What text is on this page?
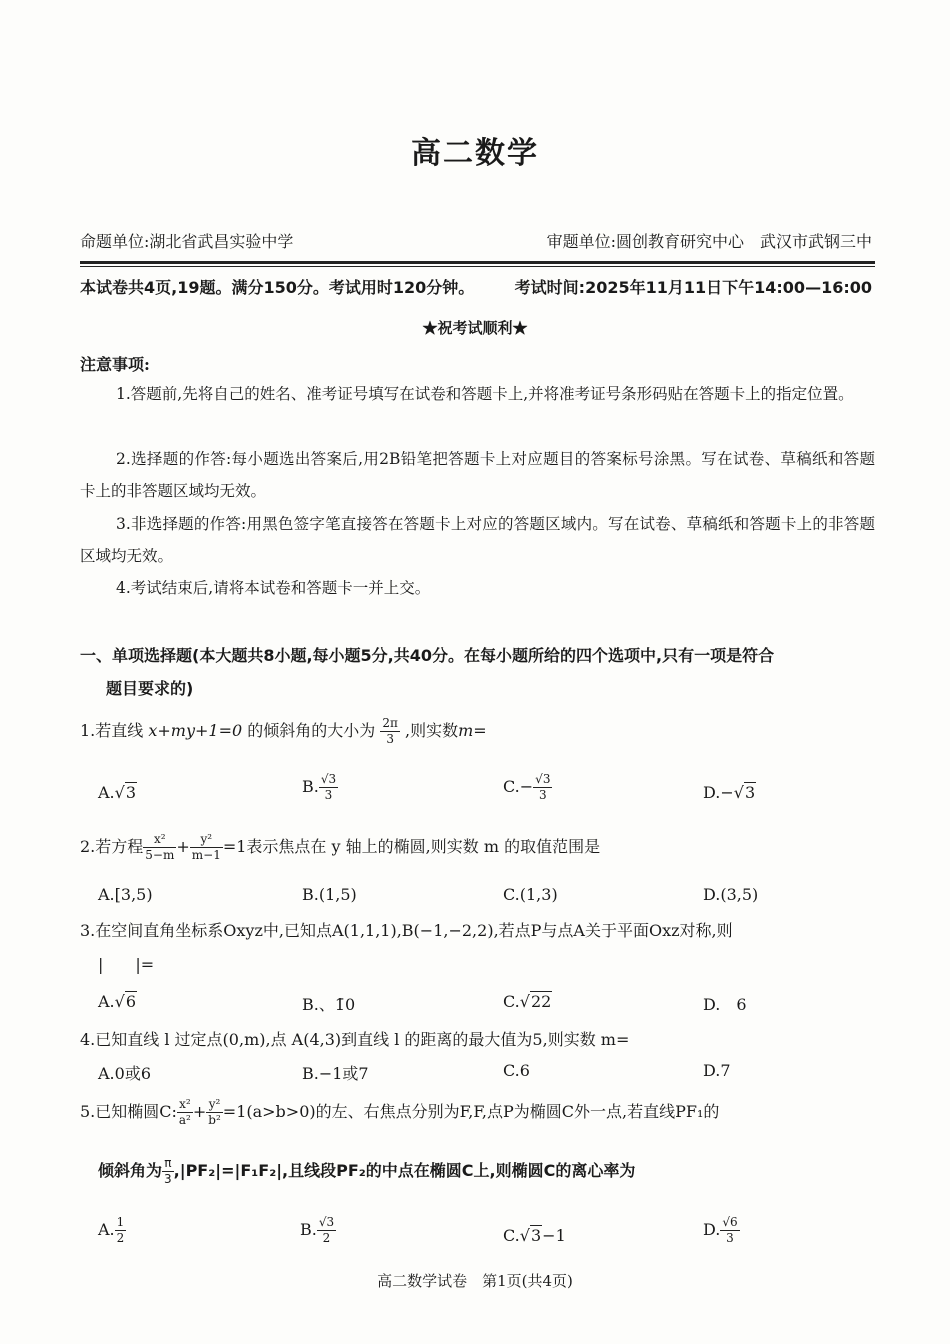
高二数学
命题单位:湖北省武昌实验中学	审题单位:圆创教育研究中心　武汉市武钢三中
本试卷共4页,19题。满分150分。考试用时120分钟。	考试时间:2025年11月11日下午14:00—16:00
★祝考试顺利★
注意事项:
1.答题前,先将自己的姓名、准考证号填写在试卷和答题卡上,并将准考证号条形码贴在答题卡上的指定位置。
2.选择题的作答:每小题选出答案后,用2B铅笔把答题卡上对应题目的答案标号涂黑。写在试卷、草稿纸和答题卡上的非答题区域均无效。
3.非选择题的作答:用黑色签字笔直接答在答题卡上对应的答题区域内。写在试卷、草稿纸和答题卡上的非答题区域均无效。
4.考试结束后,请将本试卷和答题卡一并上交。
一、单项选择题(本大题共8小题,每小题5分,共40分。在每小题所给的四个选项中,只有一项是符合
题目要求的)
1.若直线 x+my+1=0 的倾斜角的大小为 $\frac{2\pi}{3}$ ,则实数m=
A.√3	B. $\frac{√3}{3}$	$C.- \frac{√3}{3}$	D.−√3
2.若方程 $\frac{\text{x²}}{5-m} + \frac{\text{y²}}{m-1} =1$表示焦点在 y 轴上的椭圆,则实数 m 的取值范围是
A.[3,5)	B.(1,5)	C.(1,3)	D.(3,5)
3.在空间直角坐标系Oxyz中,已知点A(1,1,1),B(−1,−2,2),若点P与点A关于平面Oxz对称,则
|　　|=
A.√6	B.、1̄0	C.√22	D.　6
4.已知直线 l 过定点(0,m),点 A(4,3)到直线 l 的距离的最大值为5,则实数 m=
A.0或6	B.−1或7	C.6	D.7
5.已知椭圆C: $\frac{\text{x²}}{\text{a²}} + \frac{\text{y²}}{\text{b²}} =1(a>b>0)$的左、右焦点分别为F,F,点P为椭圆C外一点,若直线PF₁的
倾斜角为 $\frac{\pi}{3} ,|PF_2|=|F_1F_2|$,且线段PF₂的中点在椭圆C上,则椭圆C的离心率为
A. $\frac{1}{2}$	B. $\frac{√3}{2}$	C.√3−1	D. $\frac{√6}{3}$
高二数学试卷　第1页(共4页)
